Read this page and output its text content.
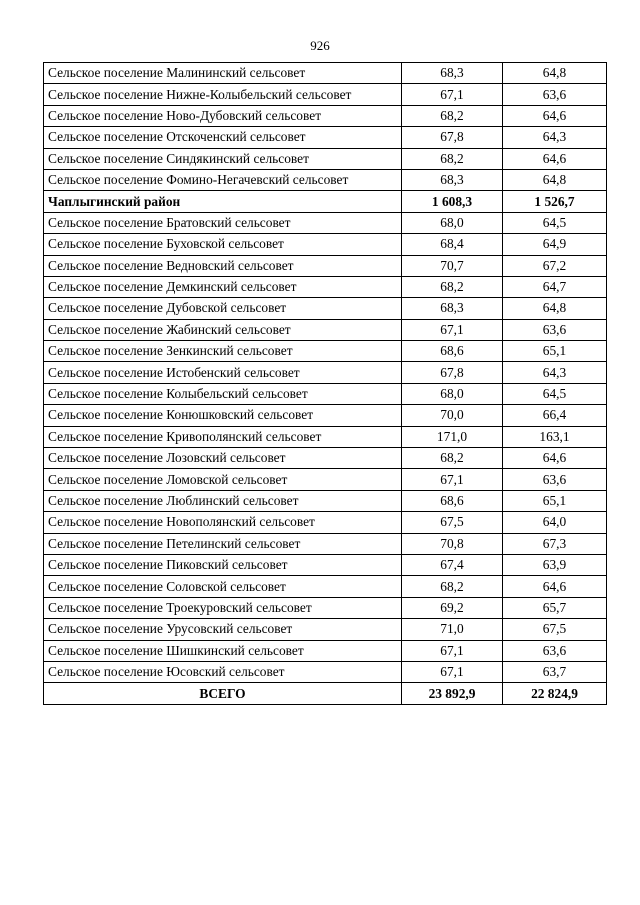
926
Сельское поселение Малининский сельсовет	68,3	64,8
Сельское поселение Нижне-Колыбельский сельсовет	67,1	63,6
Сельское поселение Ново-Дубовский сельсовет	68,2	64,6
Сельское поселение Отскоченский сельсовет	67,8	64,3
Сельское поселение Синдякинский сельсовет	68,2	64,6
Сельское поселение Фомино-Негачевский сельсовет	68,3	64,8
Чаплыгинский район	1 608,3	1 526,7
Сельское поселение Братовский сельсовет	68,0	64,5
Сельское поселение Буховской сельсовет	68,4	64,9
Сельское поселение Ведновский сельсовет	70,7	67,2
Сельское поселение Демкинский сельсовет	68,2	64,7
Сельское поселение Дубовской сельсовет	68,3	64,8
Сельское поселение Жабинский сельсовет	67,1	63,6
Сельское поселение Зенкинский сельсовет	68,6	65,1
Сельское поселение Истобенский сельсовет	67,8	64,3
Сельское поселение Колыбельский сельсовет	68,0	64,5
Сельское поселение Конюшковский сельсовет	70,0	66,4
Сельское поселение Кривополянский сельсовет	171,0	163,1
Сельское поселение Лозовский сельсовет	68,2	64,6
Сельское поселение Ломовской сельсовет	67,1	63,6
Сельское поселение Люблинский сельсовет	68,6	65,1
Сельское поселение Новополянский сельсовет	67,5	64,0
Сельское поселение Петелинский сельсовет	70,8	67,3
Сельское поселение Пиковский сельсовет	67,4	63,9
Сельское поселение Соловской сельсовет	68,2	64,6
Сельское поселение Троекуровский сельсовет	69,2	65,7
Сельское поселение Урусовский сельсовет	71,0	67,5
Сельское поселение Шишкинский сельсовет	67,1	63,6
Сельское поселение Юсовский сельсовет	67,1	63,7
ВСЕГО	23 892,9	22 824,9
